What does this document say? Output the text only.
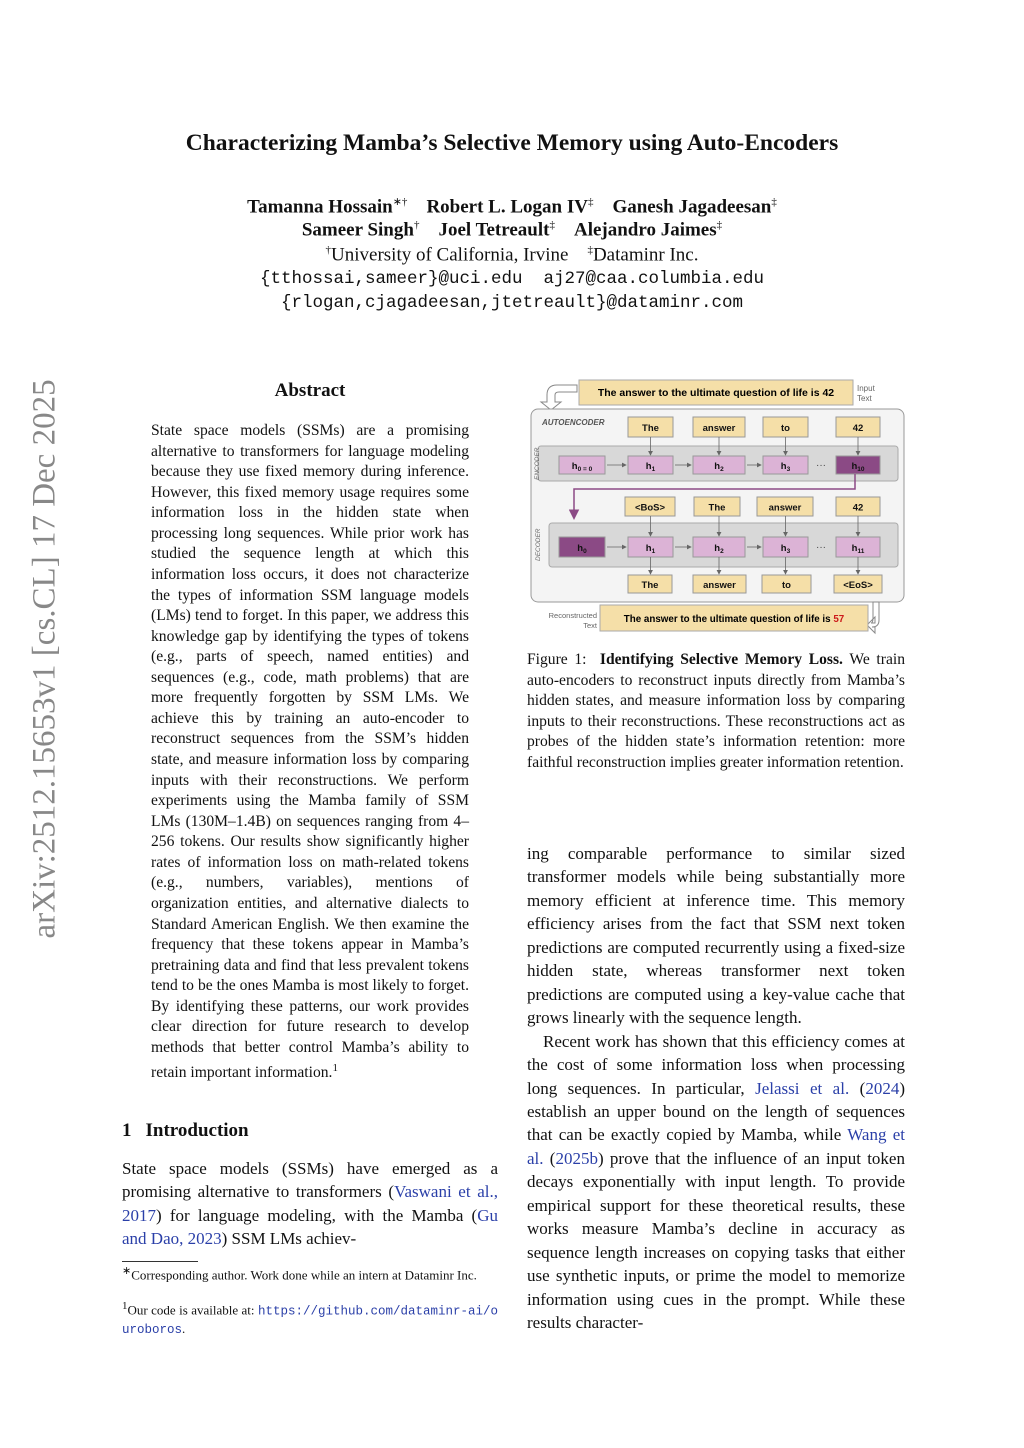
arXiv:2512.15653v1 [cs.CL] 17 Dec 2025
Characterizing Mamba’s Selective Memory using Auto-Encoders
Tamanna Hossain∗† Robert L. Logan IV‡ Ganesh Jagadeesan‡
Sameer Singh† Joel Tetreault‡ Alejandro Jaimes‡
†University of California, Irvine ‡Dataminr Inc.
{tthossai,sameer}@uci.edu aj27@caa.columbia.edu
{rlogan,cjagadeesan,jtetreault}@dataminr.com
Abstract
State space models (SSMs) are a promising alternative to transformers for language modeling because they use fixed memory during inference. However, this fixed memory usage requires some information loss in the hidden state when processing long sequences. While prior work has studied the sequence length at which this information loss occurs, it does not characterize the types of information SSM language models (LMs) tend to forget. In this paper, we address this knowledge gap by identifying the types of tokens (e.g., parts of speech, named entities) and sequences (e.g., code, math problems) that are more frequently forgotten by SSM LMs. We achieve this by training an auto-encoder to reconstruct sequences from the SSM’s hidden state, and measure information loss by comparing inputs with their reconstructions. We perform experiments using the Mamba family of SSM LMs (130M–1.4B) on sequences ranging from 4–256 tokens. Our results show significantly higher rates of information loss on math-related tokens (e.g., numbers, variables), mentions of organization entities, and alternative dialects to Standard American English. We then examine the frequency that these tokens appear in Mamba’s pretraining data and find that less prevalent tokens tend to be the ones Mamba is most likely to forget. By identifying these patterns, our work provides clear direction for future research to develop methods that better control Mamba’s ability to retain important information.$^1$
1 Introduction
State space models (SSMs) have emerged as a promising alternative to transformers (Vaswani et al., 2017) for language modeling, with the Mamba (Gu and Dao, 2023) SSM LMs achiev-
∗Corresponding author. Work done while an intern at Dataminr Inc.
$^1$Our code is available at: https://github.com/dataminr-ai/ouroboros.
The answer to the ultimate question of life is 42	Input
Text
AUTOENCODER
ENCODER
DECODER
The	answer	to	42
$h_{0 = 0}$	$h_1$	$h_2$	$h_3$	$h_{10}$
···
<BoS>	The	answer	42
$h_0$	$h_1$	$h_2$	$h_3$	$h_{11}$
···
The	answer	to	<EoS>
Reconstructed
Text
The answer to the ultimate question of life is 57
Figure 1: Identifying Selective Memory Loss. We train auto-encoders to reconstruct inputs directly from Mamba’s hidden states, and measure information loss by comparing inputs to their reconstructions. These reconstructions act as probes of the hidden state’s information retention: more faithful reconstruction implies greater information retention.

ing comparable performance to similar sized transformer models while being substantially more memory efficient at inference time. This memory efficiency arises from the fact that SSM next token predictions are computed recurrently using a fixed-size hidden state, whereas transformer next token predictions are computed using a key-value cache that grows linearly with the sequence length.

Recent work has shown that this efficiency comes at the cost of some information loss when processing long sequences. In particular, Jelassi et al. (2024) establish an upper bound on the length of sequences that can be exactly copied by Mamba, while Wang et al. (2025b) prove that the influence of an input token decays exponentially with input length. To provide empirical support for these theoretical results, these works measure Mamba’s decline in accuracy as sequence length increases on copying tasks that either use synthetic inputs, or prime the model to memorize information using cues in the prompt. While these results character-
